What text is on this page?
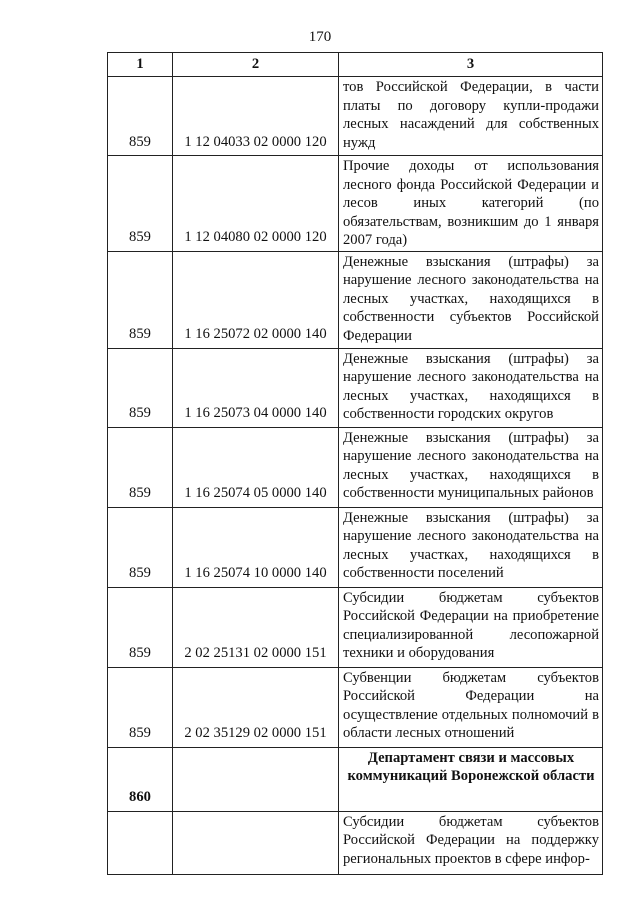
170
1	2	3
859	1 12 04033 02 0000 120	тов Российской Федерации, в части платы по договору купли-продажи лесных насаждений для собственных нужд
859	1 12 04080 02 0000 120	Прочие доходы от использования лесного фонда Российской Федерации и лесов иных категорий (по обязательствам, возникшим до 1 января 2007 года)
859	1 16 25072 02 0000 140	Денежные взыскания (штрафы) за нарушение лесного законодательства на лесных участках, находящихся в собственности субъектов Российской Федерации
859	1 16 25073 04 0000 140	Денежные взыскания (штрафы) за нарушение лесного законодательства на лесных участках, находящихся в собственности городских округов
859	1 16 25074 05 0000 140	Денежные взыскания (штрафы) за нарушение лесного законодательства на лесных участках, находящихся в собственности муниципальных районов
859	1 16 25074 10 0000 140	Денежные взыскания (штрафы) за нарушение лесного законодательства на лесных участках, находящихся в собственности поселений
859	2 02 25131 02 0000 151	Субсидии бюджетам субъектов Российской Федерации на приобретение специализированной лесопожарной техники и оборудования
859	2 02 35129 02 0000 151	Субвенции бюджетам субъектов Российской Федерации на осуществление отдельных полномочий в области лесных отношений
860		Департамент связи и массовых коммуникаций Воронежской области
		Субсидии бюджетам субъектов Российской Федерации на поддержку региональных проектов в сфере инфор-
